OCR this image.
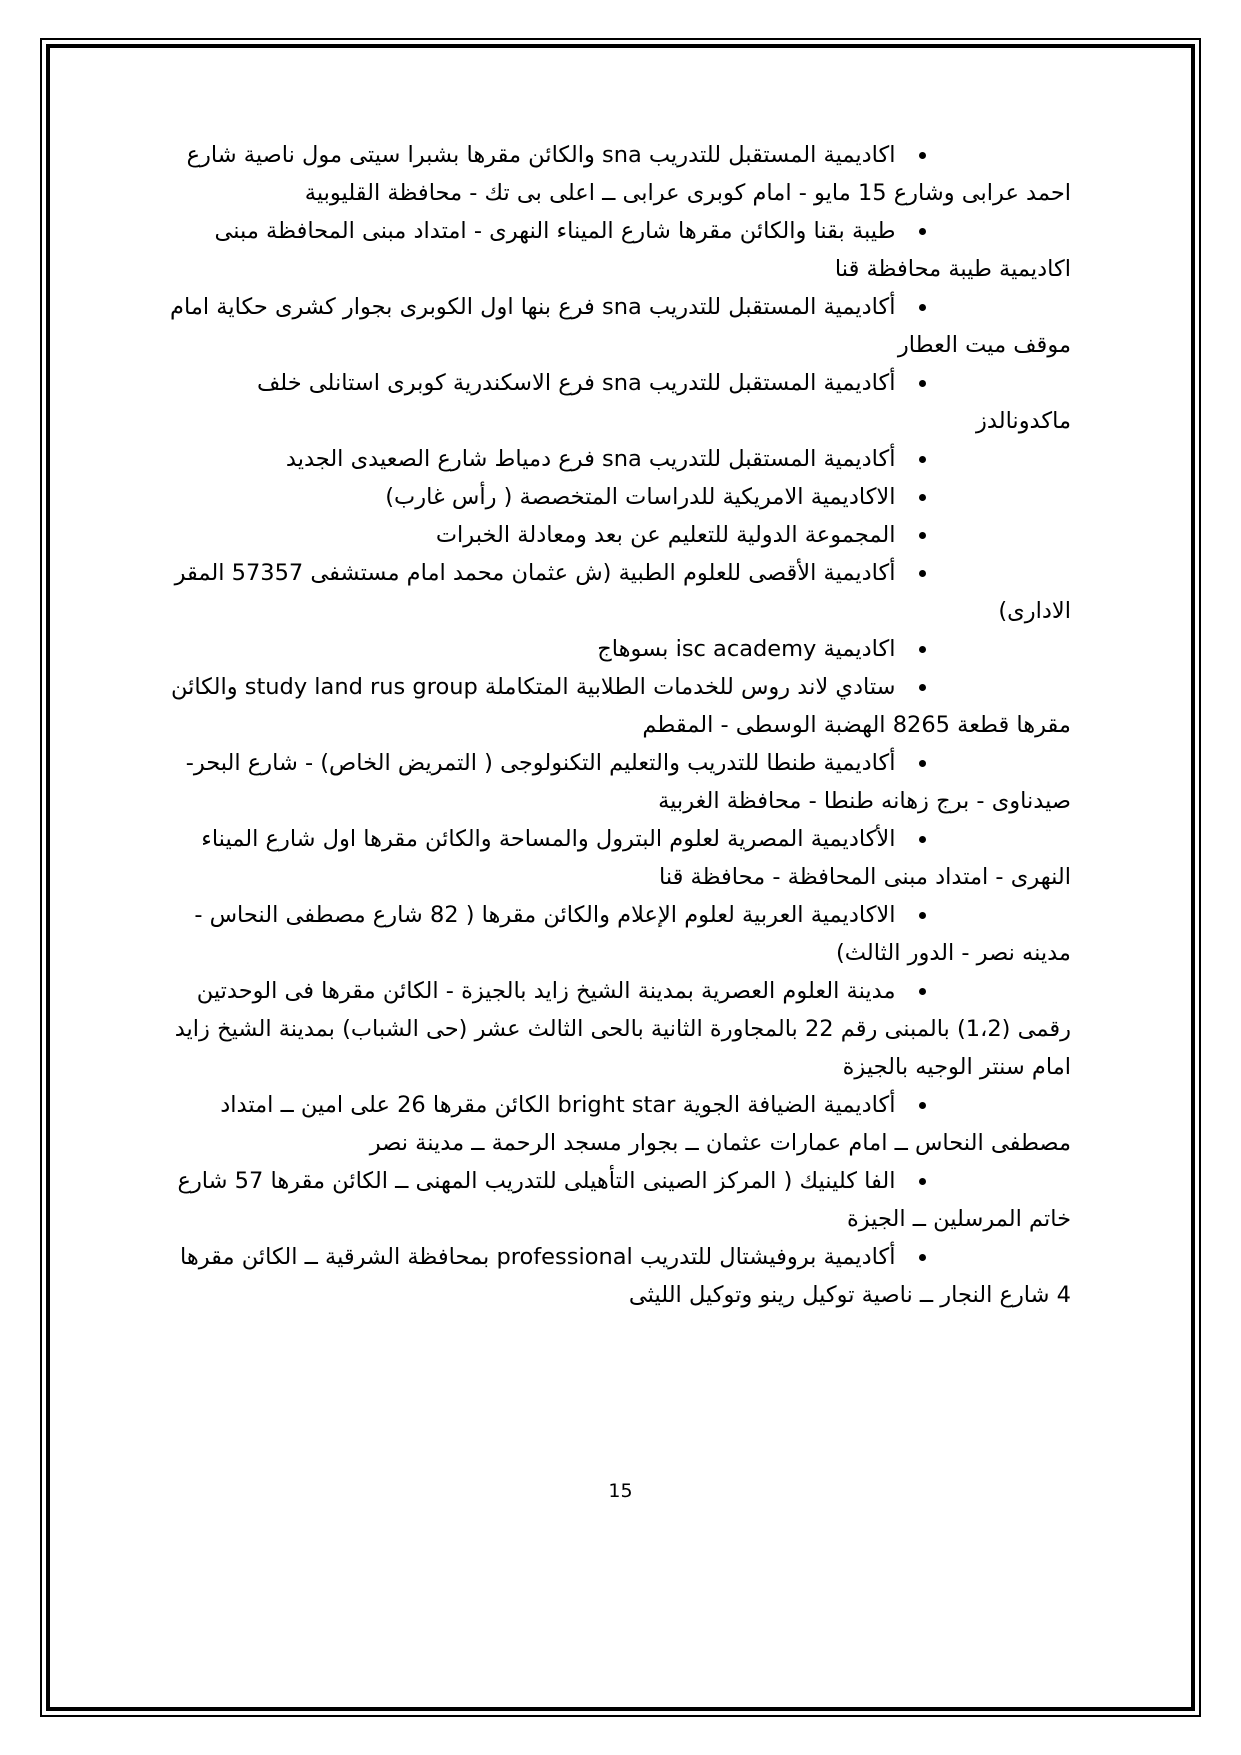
• اكاديمية المستقبل للتدريب sna والكائن مقرها بشبرا سيتى مول ناصية شارع احمد عرابى وشارع 15 مايو - امام كوبرى عرابى ــ اعلى بى تك - محافظة القليوبية
• طيبة بقنا والكائن مقرها شارع الميناء النهرى - امتداد مبنى المحافظة مبنى اكاديمية طيبة محافظة قنا
• أكاديمية المستقبل للتدريب sna فرع بنها اول الكوبرى بجوار كشرى حكاية امام موقف ميت العطار
• أكاديمية المستقبل للتدريب sna فرع الاسكندرية كوبرى استانلى خلف ماكدونالدز
• أكاديمية المستقبل للتدريب sna فرع دمياط شارع الصعيدى الجديد
• الاكاديمية الامريكية للدراسات المتخصصة ( رأس غارب)
• المجموعة الدولية للتعليم عن بعد ومعادلة الخبرات
• أكاديمية الأقصى للعلوم الطبية (ش عثمان محمد امام مستشفى 57357 المقر الادارى)
• اكاديمية isc academy بسوهاج
• ستادي لاند روس للخدمات الطلابية المتكاملة study land rus group والكائن مقرها قطعة 8265 الهضبة الوسطى - المقطم
• أكاديمية طنطا للتدريب والتعليم التكنولوجى ( التمريض الخاص) - شارع البحر- صيدناوى - برج زهانه طنطا - محافظة الغربية
• الأكاديمية المصرية لعلوم البترول والمساحة والكائن مقرها اول شارع الميناء النهرى - امتداد مبنى المحافظة - محافظة قنا
• الاكاديمية العربية لعلوم الإعلام والكائن مقرها ( 82 شارع مصطفى النحاس - مدينه نصر - الدور الثالث)
• مدينة العلوم العصرية بمدينة الشيخ زايد بالجيزة - الكائن مقرها فى الوحدتين رقمى (1،2) بالمبنى رقم 22 بالمجاورة الثانية بالحى الثالث عشر (حى الشباب) بمدينة الشيخ زايد امام سنتر الوجيه بالجيزة
• أكاديمية الضيافة الجوية bright star الكائن مقرها 26 على امين ــ امتداد مصطفى النحاس ــ امام عمارات عثمان ــ بجوار مسجد الرحمة ــ مدينة نصر
• الفا كلينيك ( المركز الصينى التأهيلى للتدريب المهنى ــ الكائن مقرها 57 شارع خاتم المرسلين ــ الجيزة
• أكاديمية بروفيشتال للتدريب professional بمحافظة الشرقية ــ الكائن مقرها 4 شارع النجار ــ ناصية توكيل رينو وتوكيل الليثى
15
